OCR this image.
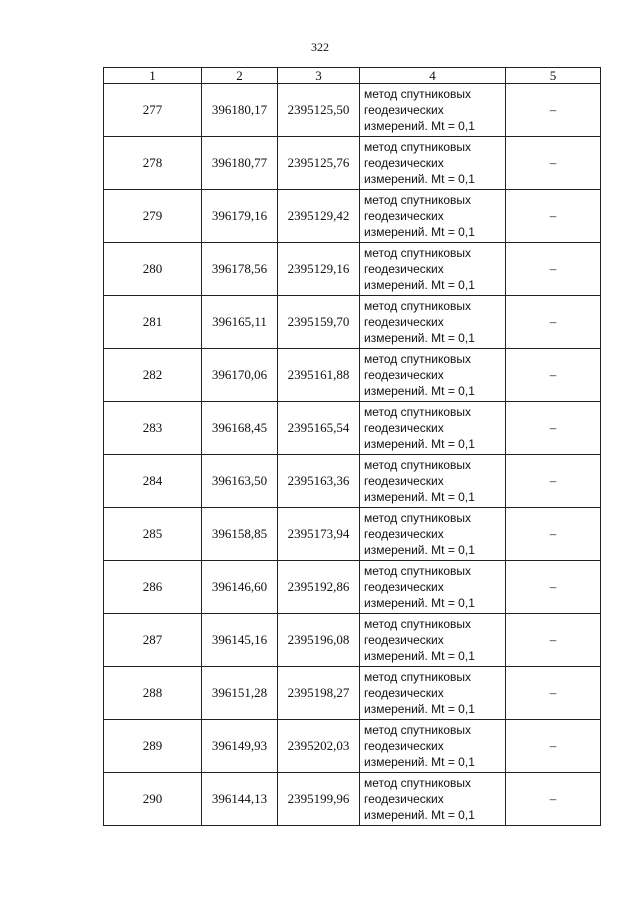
322
1	2	3	4	5
277	396180,17	2395125,50	метод спутниковых
геодезических
измерений. Mt = 0,1	–
278	396180,77	2395125,76	метод спутниковых
геодезических
измерений. Mt = 0,1	–
279	396179,16	2395129,42	метод спутниковых
геодезических
измерений. Mt = 0,1	–
280	396178,56	2395129,16	метод спутниковых
геодезических
измерений. Mt = 0,1	–
281	396165,11	2395159,70	метод спутниковых
геодезических
измерений. Mt = 0,1	–
282	396170,06	2395161,88	метод спутниковых
геодезических
измерений. Mt = 0,1	–
283	396168,45	2395165,54	метод спутниковых
геодезических
измерений. Mt = 0,1	–
284	396163,50	2395163,36	метод спутниковых
геодезических
измерений. Mt = 0,1	–
285	396158,85	2395173,94	метод спутниковых
геодезических
измерений. Mt = 0,1	–
286	396146,60	2395192,86	метод спутниковых
геодезических
измерений. Mt = 0,1	–
287	396145,16	2395196,08	метод спутниковых
геодезических
измерений. Mt = 0,1	–
288	396151,28	2395198,27	метод спутниковых
геодезических
измерений. Mt = 0,1	–
289	396149,93	2395202,03	метод спутниковых
геодезических
измерений. Mt = 0,1	–
290	396144,13	2395199,96	метод спутниковых
геодезических
измерений. Mt = 0,1	–
